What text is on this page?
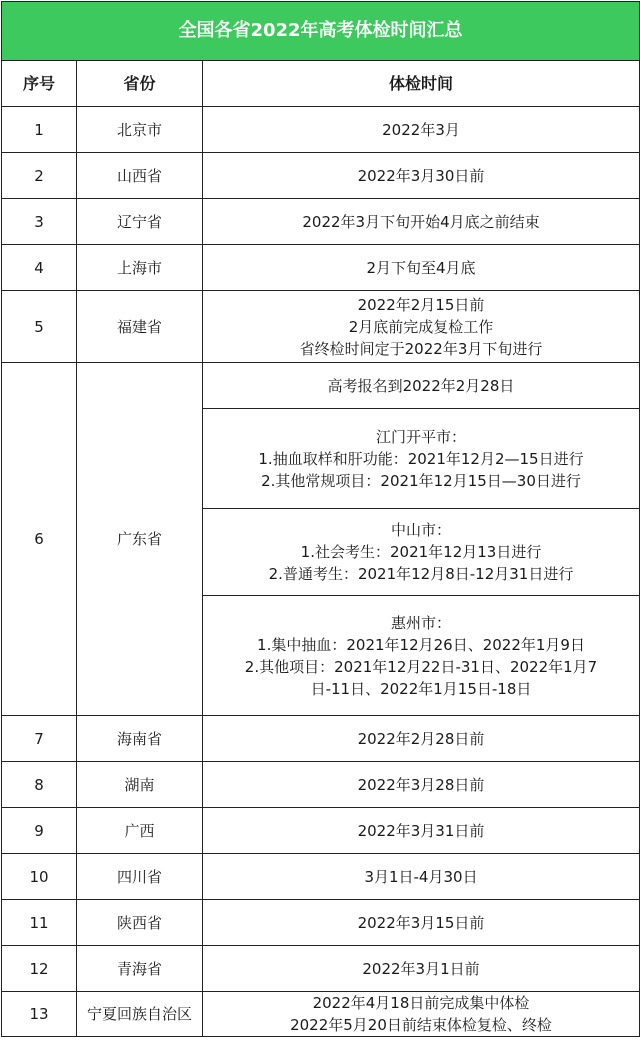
全国各省2022年高考体检时间汇总		
序号	省份	体检时间
1	北京市	2022年3月

2	山西省	2022年3月30日前

3	辽宁省	2022年3月下旬开始4月底之前结束

4	上海市	2月下旬至4月底

5	福建省	2022年2月15日前
2月底前完成复检工作
省终检时间定于2022年3月下旬进行

6	广东省	高考报名到2022年2月28日

		江门开平市：
1.抽血取样和肝功能：2021年12月2—15日进行
2.其他常规项目：2021年12月15日—30日进行

		中山市：
1.社会考生：2021年12月13日进行
2.普通考生：2021年12月8日-12月31日进行

		惠州市：
1.集中抽血：2021年12月26日、2022年1月9日
2.其他项目：2021年12月22日-31日、2022年1月7
日-11日、2022年1月15日-18日

7	海南省	2022年2月28日前

8	湖南	2022年3月28日前

9	广西	2022年3月31日前

10	四川省	3月1日-4月30日

11	陕西省	2022年3月15日前

12	青海省	2022年3月1日前

13	宁夏回族自治区	2022年4月18日前完成集中体检
2022年5月20日前结束体检复检、终检
